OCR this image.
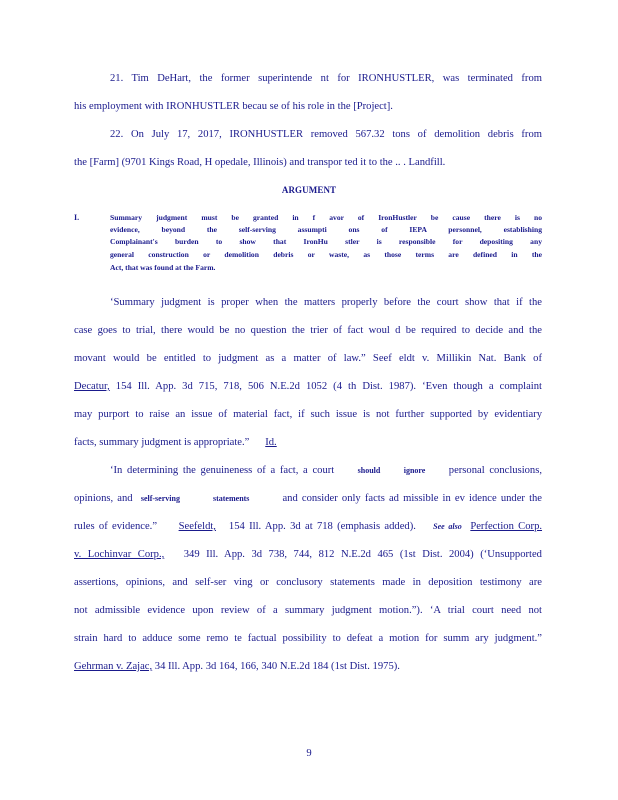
21. Tim DeHart, the former superintende nt for IRONHUSTLER, was terminated from
his employment with IRONHUSTLER becau se of his role in the [Project].
22. On July 17, 2017, IRONHUSTLER removed 567.32 tons of demolition debris from
the [Farm] (9701 Kings Road, H opedale, Illinois) and transpor ted it to the .. . Landfill.
ARGUMENT
I.	Summary judgment must be granted in f avor of IronHustler be cause there is no
evidence, beyond the self-serving assumpti ons of IEPA personnel, establishing
Complainant's burden to show that IronHu stler is responsible for depositing any
general construction or demolition debris or waste, as those terms are defined in the
Act, that was found at the Farm.
‘Summary judgment is proper when the matters properly before the court show that if the
case goes to trial, there would be no question the trier of fact woul d be required to decide and the
movant would be entitled to judgment as a matter of law.” Seef eldt v. Millikin Nat. Bank of
Decatur, 154 Ill. App. 3d 715, 718, 506 N.E.2d 1052 (4 th Dist. 1987). ‘Even though a complaint
may purport to raise an issue of material fact, if such issue is not further supported by evidentiary
facts, summary judgment is appropriate.” Id.
‘In determining the genuineness of a fact, a court	should	ignore personal conclusions,
opinions, and self-serving	statements	and consider only facts ad missible in ev idence under the
rules of evidence.” Seefeldt, 154 Ill. App. 3d at 718 (emphasis added). See also Perfection Corp.
v. Lochinvar Corp., 349 Ill. App. 3d 738, 744, 812 N.E.2d 465 (1st Dist. 2004) (‘Unsupported
assertions, opinions, and self-ser ving or conclusory statements made in deposition testimony are
not admissible evidence upon review of a summary judgment motion.”). ‘A trial court need not
strain hard to adduce some remo te factual possibility to defeat a motion for summ ary judgment.”
Gehrman v. Zajac, 34 Ill. App. 3d 164, 166, 340 N.E.2d 184 (1st Dist. 1975).
9
